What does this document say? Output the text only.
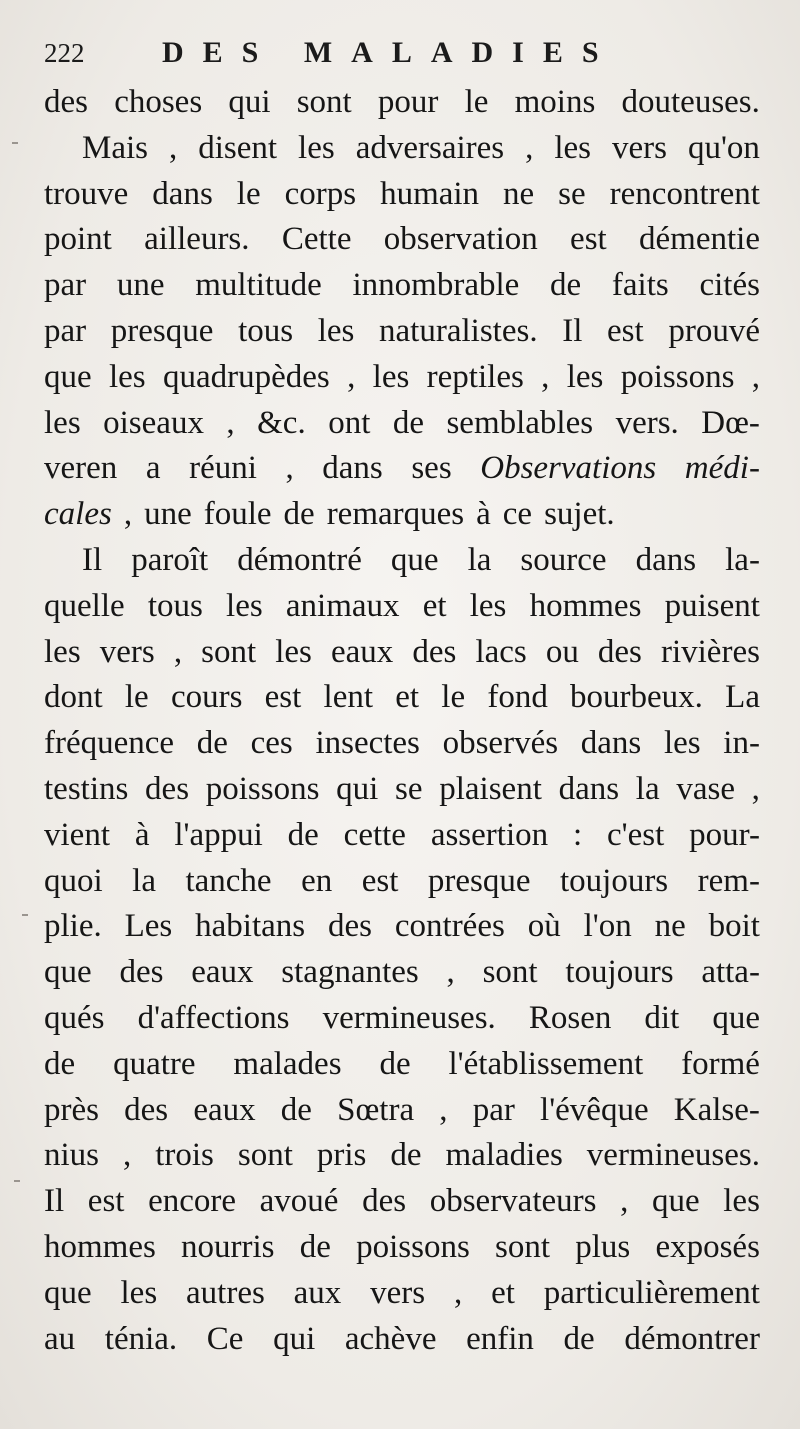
222	DES MALADIES
des choses qui sont pour le moins douteuses.
Mais , disent les adversaires , les vers qu'on
trouve dans le corps humain ne se rencontrent
point ailleurs. Cette observation est démentie
par une multitude innombrable de faits cités
par presque tous les naturalistes. Il est prouvé
que les quadrupèdes , les reptiles , les poissons ,
les oiseaux , &c. ont de semblables vers. Dœ-
veren a réuni , dans ses Observations médi-
cales , une foule de remarques à ce sujet.
Il paroît démontré que la source dans la-
quelle tous les animaux et les hommes puisent
les vers , sont les eaux des lacs ou des rivières
dont le cours est lent et le fond bourbeux. La
fréquence de ces insectes observés dans les in-
testins des poissons qui se plaisent dans la vase ,
vient à l'appui de cette assertion : c'est pour-
quoi la tanche en est presque toujours rem-
plie. Les habitans des contrées où l'on ne boit
que des eaux stagnantes , sont toujours atta-
qués d'affections vermineuses. Rosen dit que
de quatre malades de l'établissement formé
près des eaux de Sœtra , par l'évêque Kalse-
nius , trois sont pris de maladies vermineuses.
Il est encore avoué des observateurs , que les
hommes nourris de poissons sont plus exposés
que les autres aux vers , et particulièrement
au ténia. Ce qui achève enfin de démontrer
